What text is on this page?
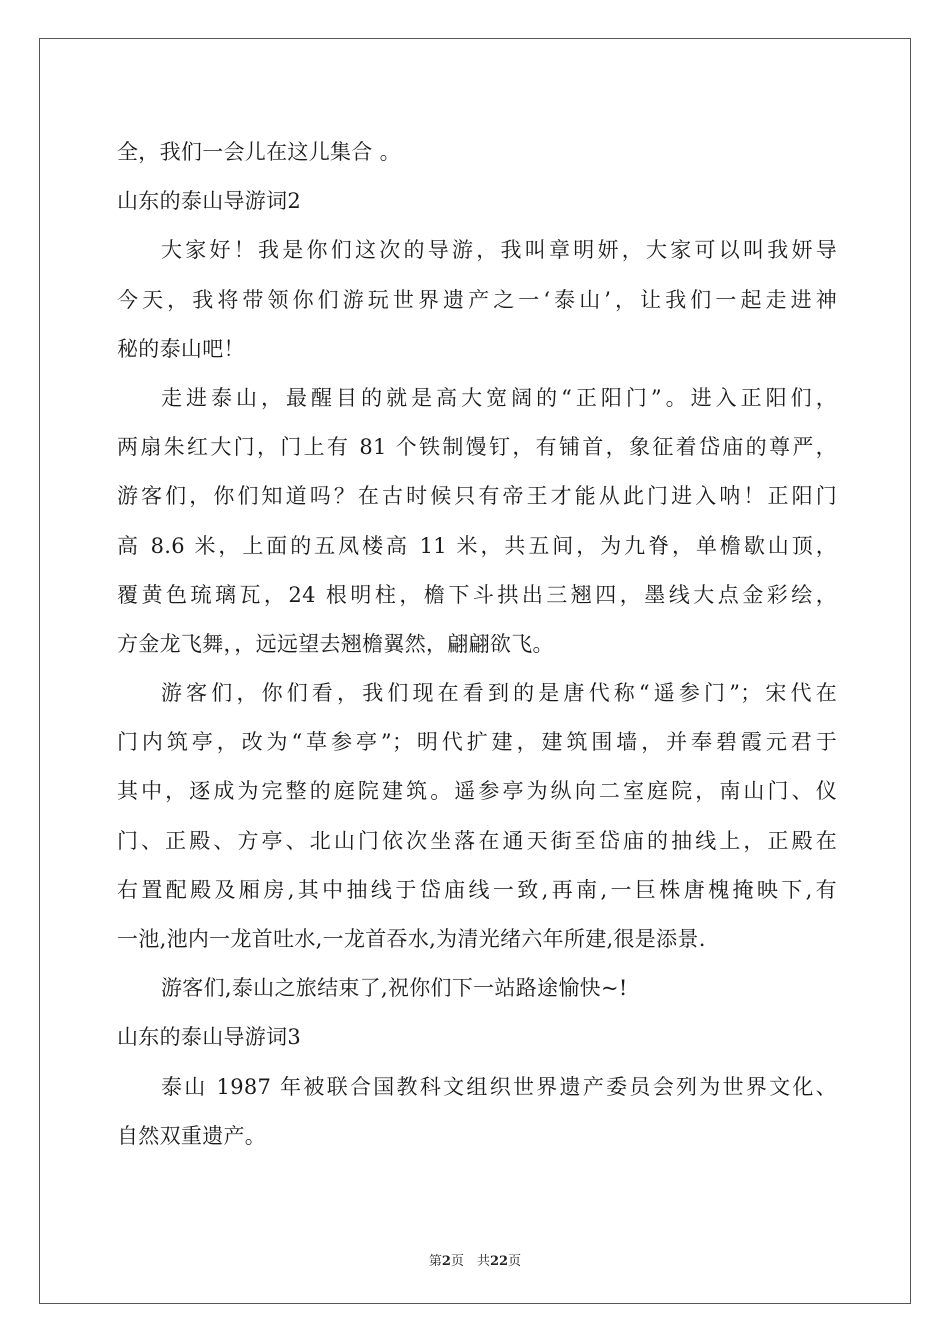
全，我们一会儿在这儿集合 。
山东的泰山导游词2
大家好！我是你们这次的导游，我叫章明妍，大家可以叫我妍导
今天，我将带领你们游玩世界遗产之一‘泰山’，让我们一起走进神
秘的泰山吧！
走进泰山，最醒目的就是高大宽阔的“正阳门”。进入正阳们，
两扇朱红大门，门上有 81 个铁制馒钉，有铺首，象征着岱庙的尊严，
游客们，你们知道吗？在古时候只有帝王才能从此门进入呐！正阳门
高 8.6 米，上面的五凤楼高 11 米，共五间，为九脊，单檐歇山顶，
覆黄色琉璃瓦，24 根明柱，檐下斗拱出三翘四，墨线大点金彩绘，
方金龙飞舞，，远远望去翘檐翼然，翩翩欲飞。
游客们，你们看，我们现在看到的是唐代称“遥参门”；宋代在
门内筑亭，改为“草参亭”；明代扩建，建筑围墙，并奉碧霞元君于
其中，逐成为完整的庭院建筑。遥参亭为纵向二室庭院，南山门、仪
门、正殿、方亭、北山门依次坐落在通天街至岱庙的抽线上，正殿在
右置配殿及厢房,其中抽线于岱庙线一致,再南,一巨株唐槐掩映下,有
一池,池内一龙首吐水,一龙首吞水,为清光绪六年所建,很是添景.
游客们,泰山之旅结束了,祝你们下一站路途愉快~!
山东的泰山导游词3
泰山 1987 年被联合国教科文组织世界遗产委员会列为世界文化、
自然双重遗产。
第2页　共22页
